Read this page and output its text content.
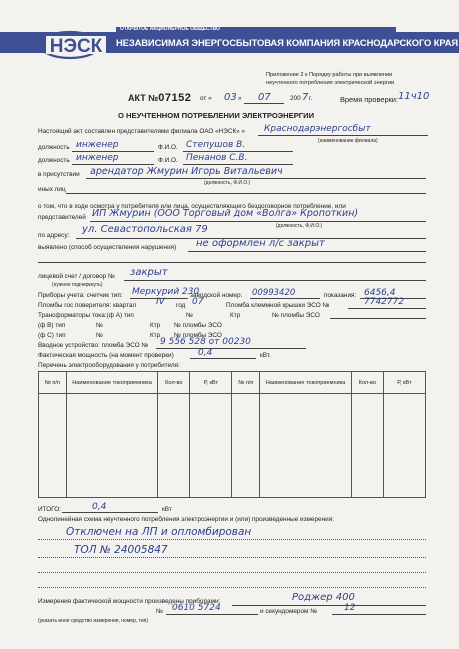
ОТКРЫТОЕ АКЦИОНЕРНОЕ ОБЩЕСТВО
НЕЗАВИСИМАЯ ЭНЕРГОСБЫТОВАЯ КОМПАНИЯ КРАСНОДАРСКОГО КРАЯ
НЭСК
Приложение 2 к Порядку работы при выявлении
неучтенного потребления электрической энергии
АКТ №07152 от « 03 » 07	200 7 г.	Время проверки: 11ч10
О НЕУЧТЕННОМ ПОТРЕБЛЕНИИ ЭЛЕКТРОЭНЕРГИИ
Настоящий акт составлен представителями филиала ОАО «НЭСК» « Краснодарэнергосбыт
(наименование филиала)
должность инженер	Ф.И.О. Степушов В.
должность инженер	Ф.И.О. Пенанов С.В.
в присутствии арендатор Жмурин Игорь Витальевич
(должность, Ф.И.О.)
иных лиц
о том, что в ходе осмотра у потребителя или лица, осуществляющего бездоговорное потребление, или
представителей ИП Жмурин (ООО Торговый дом «Волга» Кропоткин)
(должность, Ф.И.О.)
по адресу:
ул. Севастопольская 79
выявлено (способ осуществления нарушения) не оформлен л/с закрыт
лицевой счет / договор № закрыт
(нужное подчеркнуть)
Приборы учета: счетчик тип: Меркурий 230
заводской номер: 00993420	показания: 6456,4
Пломбы гос поверителя: квартал IV год 07	Пломба клеммной крышки ЭСО №	7742772
Трансформаторы тока:(ф А) тип	№	Ктр	№ пломбы ЭСО
(ф В) тип	№	Ктр № пломбы ЭСО
(ф С) тип	№	Ктр № пломбы ЭСО
Вводное устройство: пломба ЭСО № 9 556 528 от 00230
Фактическая мощность (на момент проверки)	0,4	кВт.
Перечень электрооборудования у потребителя:
№ п/п	Наименование токоприемника	Кол-во	Р, кВт	№ п/п	Наименование токоприемника	Кол-во	Р, кВт

ИТОГО:	0,4	кВт
Однолинейная схема неучтенного потребления электроэнергии и (или) произведенные измерения:
Отключен на ЛП и опломбирован
ТОЛ № 24005847
Измерения фактической мощности произведены приборами:	Роджер 400
№ 0610 5724	и секундомером №	12
(указать иное средство измерения, номер, тип)
